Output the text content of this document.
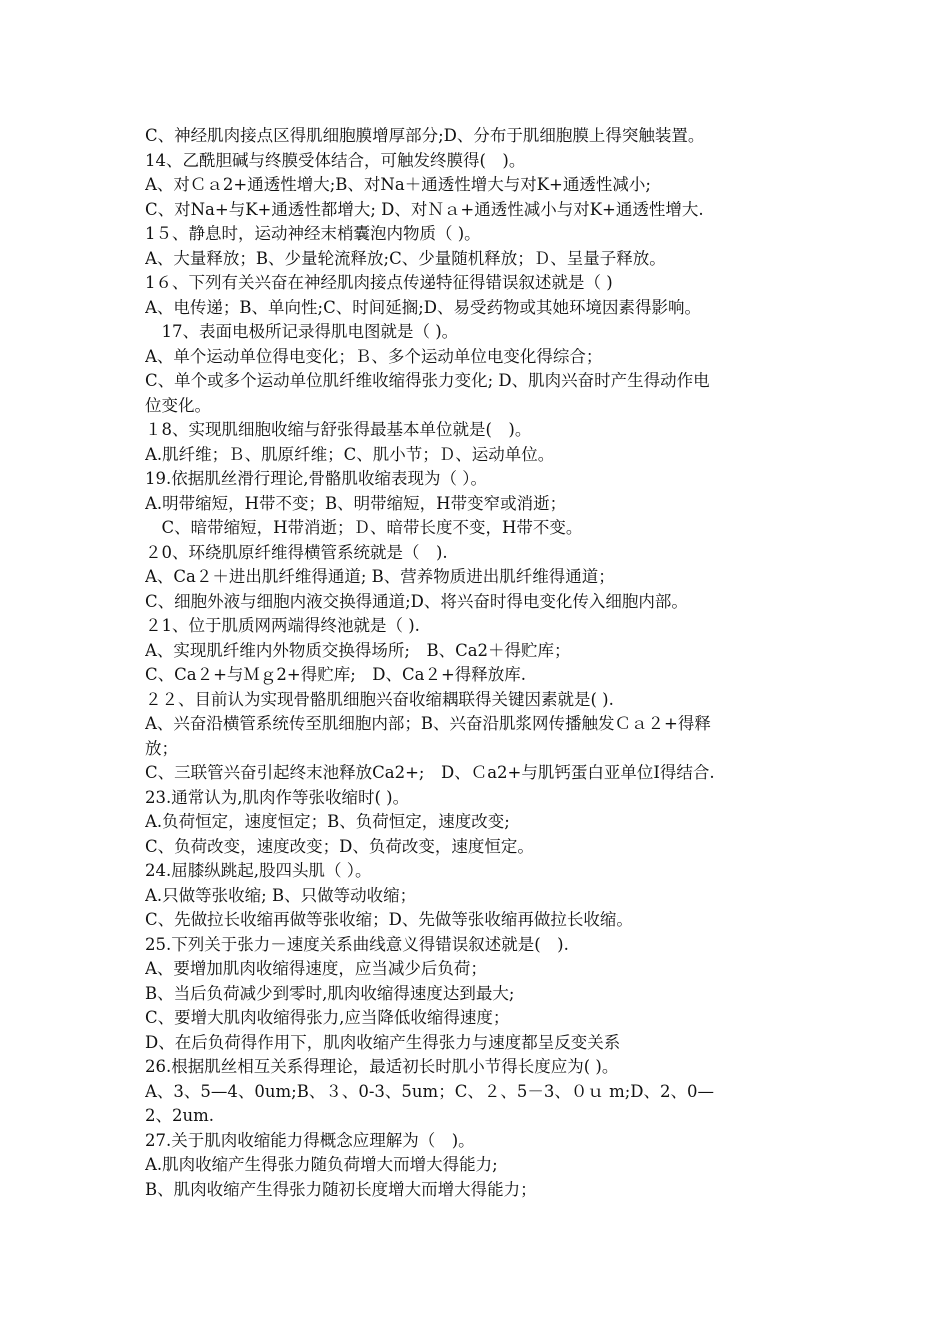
C、神经肌肉接点区得肌细胞膜增厚部分;D、分布于肌细胞膜上得突触装置。
14、乙酰胆碱与终膜受体结合，可触发终膜得(　)。
A、对Ｃａ2+通透性增大;B、对Na＋通透性增大与对K+通透性减小;
C、对Na+与K+通透性都增大; D、对Ｎａ+通透性减小与对K+通透性增大.
1５、静息时，运动神经末梢囊泡内物质（ )。
A、大量释放；B、少量轮流释放;C、少量随机释放；Ｄ、呈量子释放。
1６、下列有关兴奋在神经肌肉接点传递特征得错误叙述就是（ )
A、电传递；B、单向性;C、时间延搁;D、易受药物或其她环境因素得影响。
　17、表面电极所记录得肌电图就是（ )。
A、单个运动单位得电变化；Ｂ、多个运动单位电变化得综合；
C、单个或多个运动单位肌纤维收缩得张力变化; D、肌肉兴奋时产生得动作电
位变化。
１8、实现肌细胞收缩与舒张得最基本单位就是(　)。
A.肌纤维；Ｂ、肌原纤维；C、肌小节；Ｄ、运动单位。
19.依据肌丝滑行理论,骨骼肌收缩表现为（ ）。
A.明带缩短，H带不变；B、明带缩短，H带变窄或消逝；
　C、暗带缩短，H带消逝；Ｄ、暗带长度不变，H带不变。
２0、环绕肌原纤维得横管系统就是（　).
A、Ca２＋进出肌纤维得通道; B、营养物质进出肌纤维得通道；
C、细胞外液与细胞内液交换得通道;D、将兴奋时得电变化传入细胞内部。
２1、位于肌质网两端得终池就是（ ).
A、实现肌纤维内外物质交换得场所;　B、Ca2＋得贮库；
C、Ca２+与Ｍｇ2+得贮库;　D、Ca２+得释放库.
２２、目前认为实现骨骼肌细胞兴奋收缩耦联得关键因素就是( ).
A、兴奋沿横管系统传至肌细胞内部；B、兴奋沿肌浆网传播触发Ｃａ２+得释
放；
C、三联管兴奋引起终末池释放Ca2+;　D、Ｃa2+与肌钙蛋白亚单位I得结合.
23.通常认为,肌肉作等张收缩时( )。
A.负荷恒定，速度恒定；B、负荷恒定，速度改变;
C、负荷改变，速度改变；D、负荷改变，速度恒定。
24.屈膝纵跳起,股四头肌（ ）。
A.只做等张收缩; B、只做等动收缩；
C、先做拉长收缩再做等张收缩；D、先做等张收缩再做拉长收缩。
25.下列关于张力－速度关系曲线意义得错误叙述就是(　).
A、要增加肌肉收缩得速度，应当减少后负荷；
B、当后负荷减少到零时,肌肉收缩得速度达到最大;
C、要增大肌肉收缩得张力,应当降低收缩得速度；
D、在后负荷得作用下，肌肉收缩产生得张力与速度都呈反变关系
26.根据肌丝相互关系得理论，最适初长时肌小节得长度应为( )。
A、3、5—4、0um;B、３、0-3、5um；C、２、5－3、０ｕ m;D、2、0—
2、2um.
27.关于肌肉收缩能力得概念应理解为（　)。
A.肌肉收缩产生得张力随负荷增大而增大得能力;
B、肌肉收缩产生得张力随初长度增大而增大得能力；
